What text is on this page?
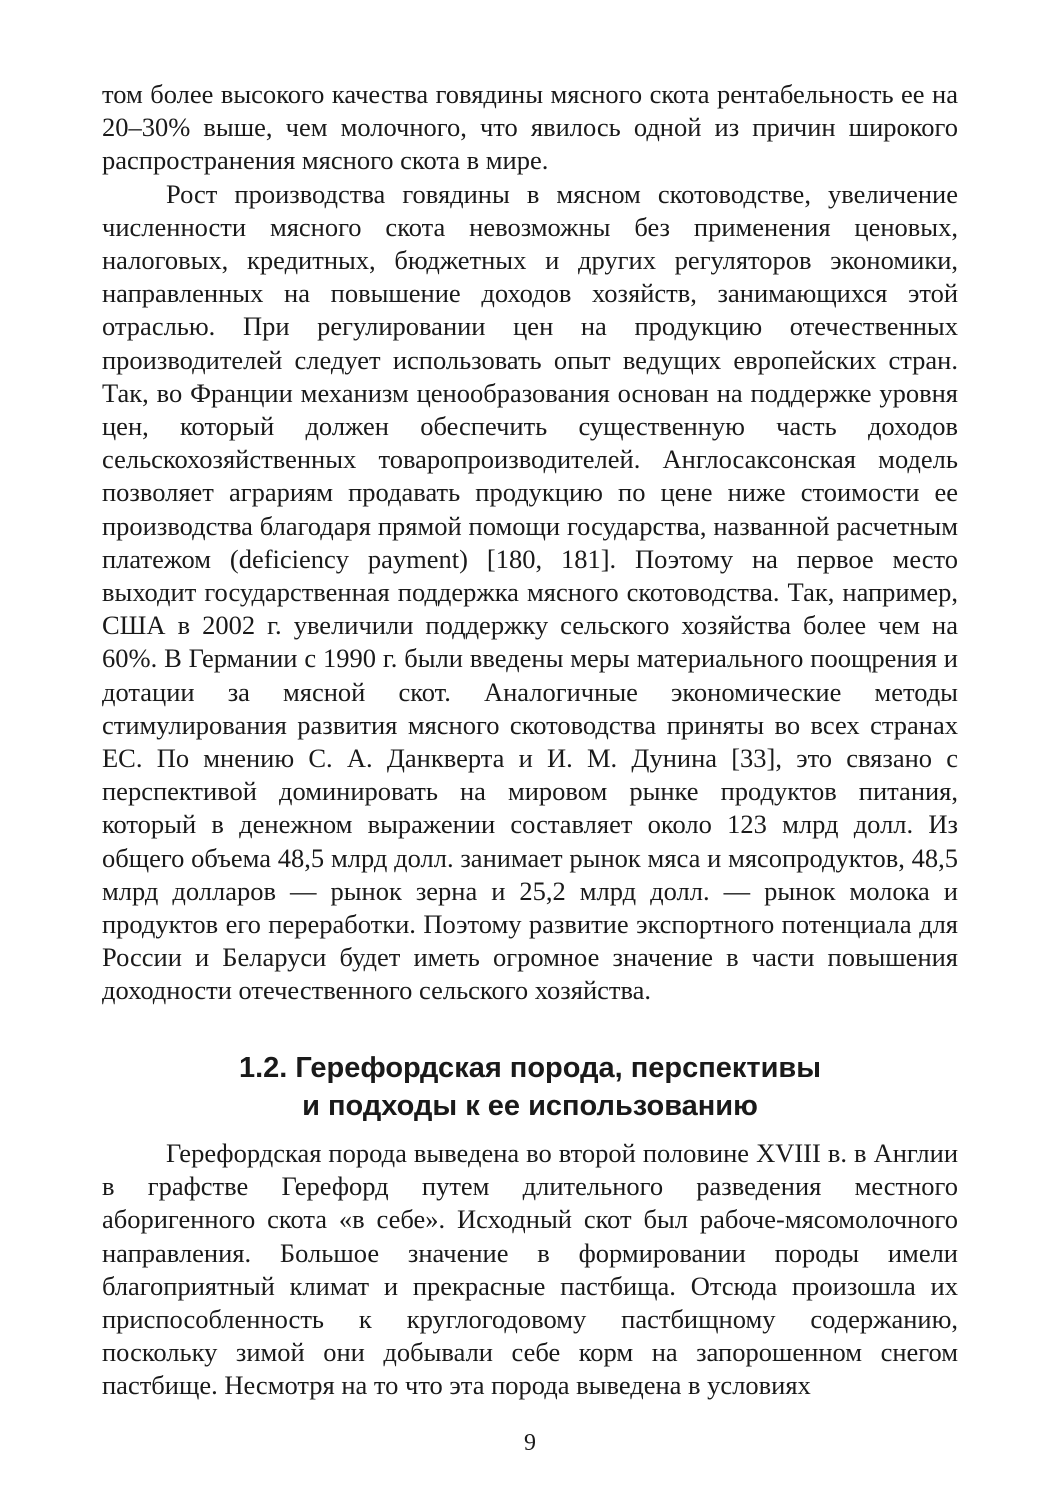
том более высокого качества говядины мясного скота рентабельность ее на 20–30% выше, чем молочного, что явилось одной из причин широкого распространения мясного скота в мире.

Рост производства говядины в мясном скотоводстве, увеличение численности мясного скота невозможны без применения ценовых, налоговых, кредитных, бюджетных и других регуляторов экономики, направленных на повышение доходов хозяйств, занимающихся этой отраслью. При регулировании цен на продукцию отечественных производителей следует использовать опыт ведущих европейских стран. Так, во Франции механизм ценообразования основан на поддержке уровня цен, который должен обеспечить существенную часть доходов сельскохозяйственных товаропроизводителей. Англосаксонская модель позволяет аграриям продавать продукцию по цене ниже стоимости ее производства благодаря прямой помощи государства, названной расчетным платежом (deficiency payment) [180, 181]. Поэтому на первое место выходит государственная поддержка мясного скотоводства. Так, например, США в 2002 г. увеличили поддержку сельского хозяйства более чем на 60%. В Германии с 1990 г. были введены меры материального поощрения и дотации за мясной скот. Аналогичные экономические методы стимулирования развития мясного скотоводства приняты во всех странах ЕС. По мнению С. А. Данкверта и И. М. Дунина [33], это связано с перспективой доминировать на мировом рынке продуктов питания, который в денежном выражении составляет около 123 млрд долл. Из общего объема 48,5 млрд долл. занимает рынок мяса и мясопродуктов, 48,5 млрд долларов — рынок зерна и 25,2 млрд долл. — рынок молока и продуктов его переработки. Поэтому развитие экспортного потенциала для России и Беларуси будет иметь огромное значение в части повышения доходности отечественного сельского хозяйства.

1.2. Герефордская порода, перспективы
и подходы к ее использованию

Герефордская порода выведена во второй половине XVIII в. в Англии в графстве Герефорд путем длительного разведения местного аборигенного скота «в себе». Исходный скот был рабоче-мясомолочного направления. Большое значение в формировании породы имели благоприятный климат и прекрасные пастбища. Отсюда произошла их приспособленность к круглогодовому пастбищному содержанию, поскольку зимой они добывали себе корм на запорошенном снегом пастбище. Несмотря на то что эта порода выведена в условиях

9
